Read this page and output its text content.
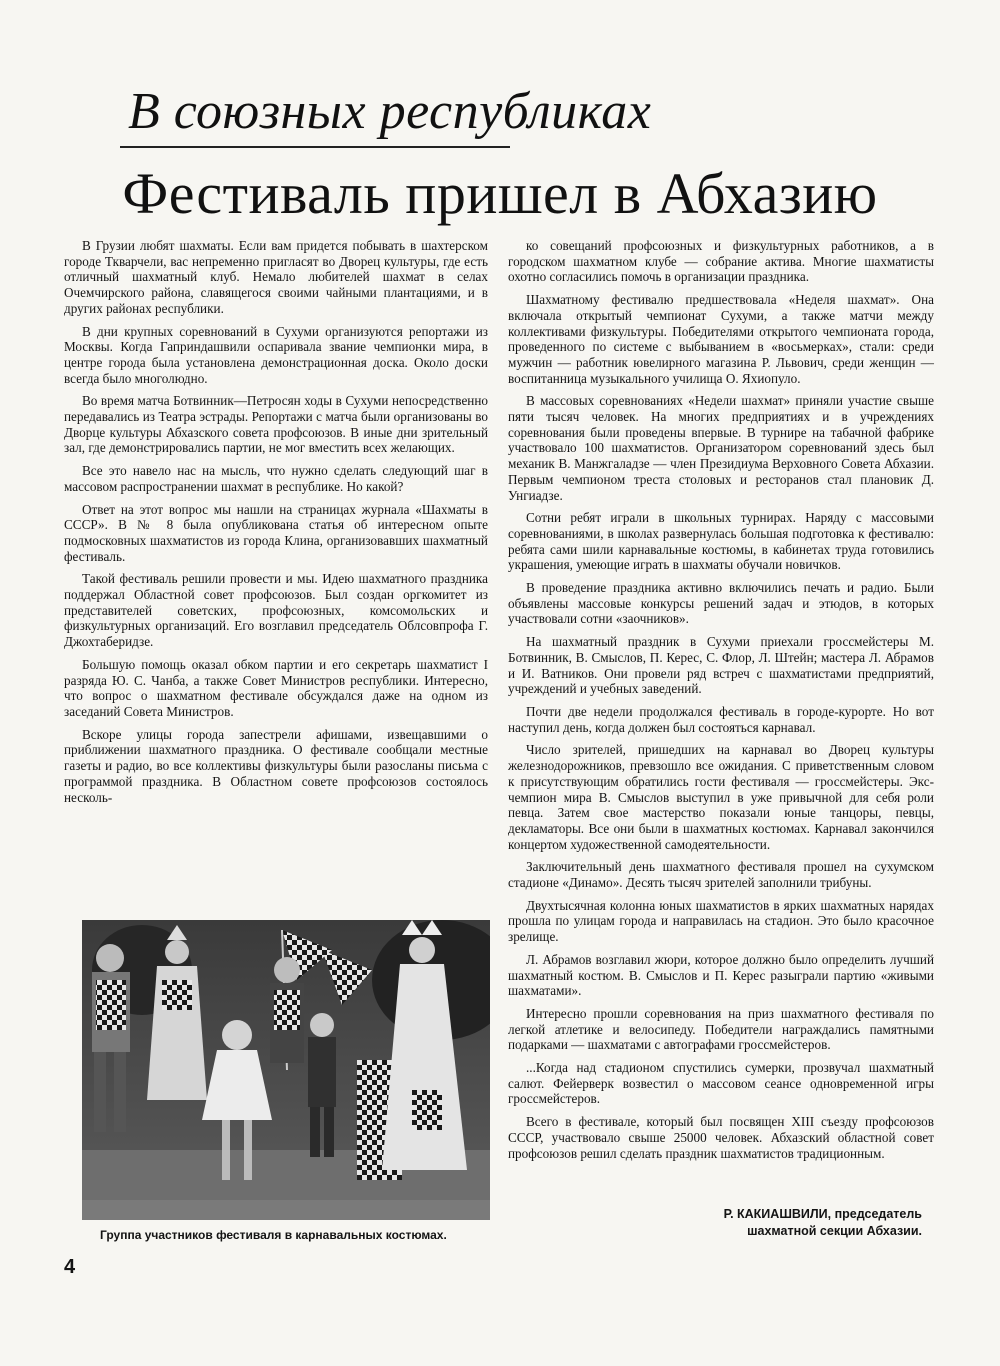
В союзных республиках
Фестиваль пришел в Абхазию

В Грузии любят шахматы. Если вам придется побывать в шахтерском городе Ткварчели, вас непременно пригласят во Дворец культуры, где есть отличный шахматный клуб. Немало любителей шахмат в селах Очемчирского района, славящегося своими чайными плантациями, и в других районах республики.

В дни крупных соревнований в Сухуми организуются репортажи из Москвы. Когда Гаприндашвили оспаривала звание чемпионки мира, в центре города была установлена демонстрационная доска. Около доски всегда было многолюдно.

Во время матча Ботвинник—Петросян ходы в Сухуми непосредственно передавались из Театра эстрады. Репортажи с матча были организованы во Дворце культуры Абхазского совета профсоюзов. В иные дни зрительный зал, где демонстрировались партии, не мог вместить всех желающих.

Все это навело нас на мысль, что нужно сделать следующий шаг в массовом распространении шахмат в республике. Но какой?

Ответ на этот вопрос мы нашли на страницах журнала «Шахматы в СССР». В № 8 была опубликована статья об интересном опыте подмосковных шахматистов из города Клина, организовавших шахматный фестиваль.

Такой фестиваль решили провести и мы. Идею шахматного праздника поддержал Областной совет профсоюзов. Был создан оргкомитет из представителей советских, профсоюзных, комсомольских и физкультурных организаций. Его возглавил председатель Облсовпрофа Г. Джохтаберидзе.

Большую помощь оказал обком партии и его секретарь шахматист I разряда Ю. С. Чанба, а также Совет Министров республики. Интересно, что вопрос о шахматном фестивале обсуждался даже на одном из заседаний Совета Министров.

Вскоре улицы города запестрели афишами, извещавшими о приближении шахматного праздника. О фестивале сообщали местные газеты и радио, во все коллективы физкультуры были разосланы письма с программой праздника. В Областном совете профсоюзов состоялось несколь-

ко совещаний профсоюзных и физкультурных работников, а в городском шахматном клубе — собрание актива. Многие шахматисты охотно согласились помочь в организации праздника.

Шахматному фестивалю предшествовала «Неделя шахмат». Она включала открытый чемпионат Сухуми, а также матчи между коллективами физкультуры. Победителями открытого чемпионата города, проведенного по системе с выбыванием в «восьмерках», стали: среди мужчин — работник ювелирного магазина Р. Львович, среди женщин — воспитанница музыкального училища О. Яхиопуло.

В массовых соревнованиях «Недели шахмат» приняли участие свыше пяти тысяч человек. На многих предприятиях и в учреждениях соревнования были проведены впервые. В турнире на табачной фабрике участвовало 100 шахматистов. Организатором соревнований здесь был механик В. Манжгаладзе — член Президиума Верховного Совета Абхазии. Первым чемпионом треста столовых и ресторанов стал плановик Д. Унгиадзе.

Сотни ребят играли в школьных турнирах. Наряду с массовыми соревнованиями, в школах развернулась большая подготовка к фестивалю: ребята сами шили карнавальные костюмы, в кабинетах труда готовились украшения, умеющие играть в шахматы обучали новичков.

В проведение праздника активно включились печать и радио. Были объявлены массовые конкурсы решений задач и этюдов, в которых участвовали сотни «заочников».

На шахматный праздник в Сухуми приехали гроссмейстеры М. Ботвинник, В. Смыслов, П. Керес, С. Флор, Л. Штейн; мастера Л. Абрамов и И. Ватников. Они провели ряд встреч с шахматистами предприятий, учреждений и учебных заведений.

Почти две недели продолжался фестиваль в городе-курорте. Но вот наступил день, когда должен был состояться карнавал.

Число зрителей, пришедших на карнавал во Дворец культуры железнодорожников, превзошло все ожидания. С приветственным словом к присутствующим обратились гости фестиваля — гроссмейстеры. Экс-чемпион мира В. Смыслов выступил в уже привычной для себя роли певца. Затем свое мастерство показали юные танцоры, певцы, декламаторы. Все они были в шахматных костюмах. Карнавал закончился концертом художественной самодеятельности.

Заключительный день шахматного фестиваля прошел на сухумском стадионе «Динамо». Десять тысяч зрителей заполнили трибуны.

Двухтысячная колонна юных шахматистов в ярких шахматных нарядах прошла по улицам города и направилась на стадион. Это было красочное зрелище.

Л. Абрамов возглавил жюри, которое должно было определить лучший шахматный костюм. В. Смыслов и П. Керес разыграли партию «живыми шахматами».

Интересно прошли соревнования на приз шахматного фестиваля по легкой атлетике и велосипеду. Победители награждались памятными подарками — шахматами с автографами гроссмейстеров.

...Когда над стадионом спустились сумерки, прозвучал шахматный салют. Фейерверк возвестил о массовом сеансе одновременной игры гроссмейстеров.

Всего в фестивале, который был посвящен XIII съезду профсоюзов СССР, участвовало свыше 25000 человек. Абхазский областной совет профсоюзов решил сделать праздник шахматистов традиционным.

Группа участников фестиваля в карнавальных костюмах.
Р. КАКИАШВИЛИ, председатель
шахматной секции Абхазии.
4
